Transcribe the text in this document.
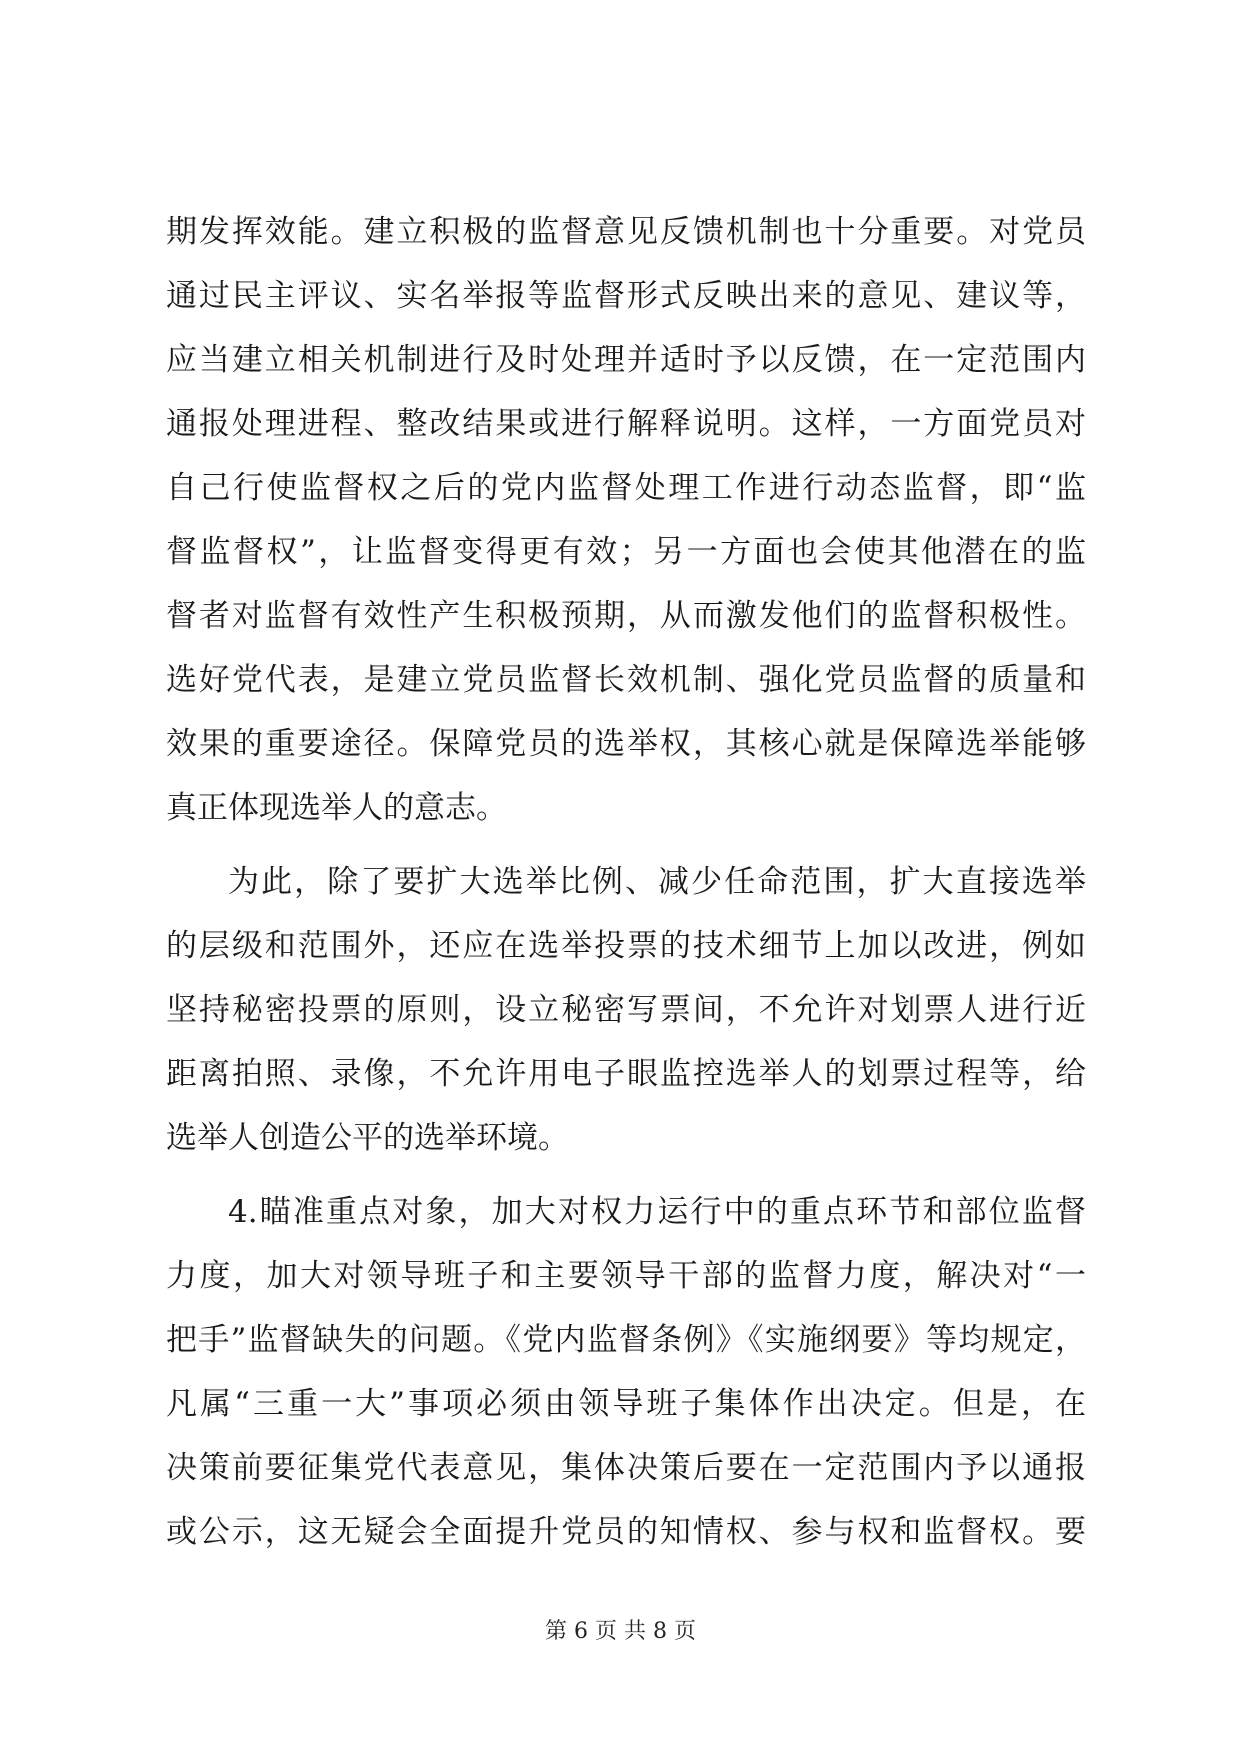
期发挥效能。建立积极的监督意见反馈机制也十分重要。对党员
通过民主评议、实名举报等监督形式反映出来的意见、建议等，
应当建立相关机制进行及时处理并适时予以反馈，在一定范围内
通报处理进程、整改结果或进行解释说明。这样，一方面党员对
自己行使监督权之后的党内监督处理工作进行动态监督，即“监
督监督权”，让监督变得更有效；另一方面也会使其他潜在的监
督者对监督有效性产生积极预期，从而激发他们的监督积极性。
选好党代表，是建立党员监督长效机制、强化党员监督的质量和
效果的重要途径。保障党员的选举权，其核心就是保障选举能够
真正体现选举人的意志。
为此，除了要扩大选举比例、减少任命范围，扩大直接选举
的层级和范围外，还应在选举投票的技术细节上加以改进，例如
坚持秘密投票的原则，设立秘密写票间，不允许对划票人进行近
距离拍照、录像，不允许用电子眼监控选举人的划票过程等，给
选举人创造公平的选举环境。
4.瞄准重点对象，加大对权力运行中的重点环节和部位监督
力度，加大对领导班子和主要领导干部的监督力度，解决对“一
把手”监督缺失的问题。《党内监督条例》《实施纲要》等均规定，
凡属“三重一大”事项必须由领导班子集体作出决定。但是，在
决策前要征集党代表意见，集体决策后要在一定范围内予以通报
或公示，这无疑会全面提升党员的知情权、参与权和监督权。要
第 6 页 共 8 页
